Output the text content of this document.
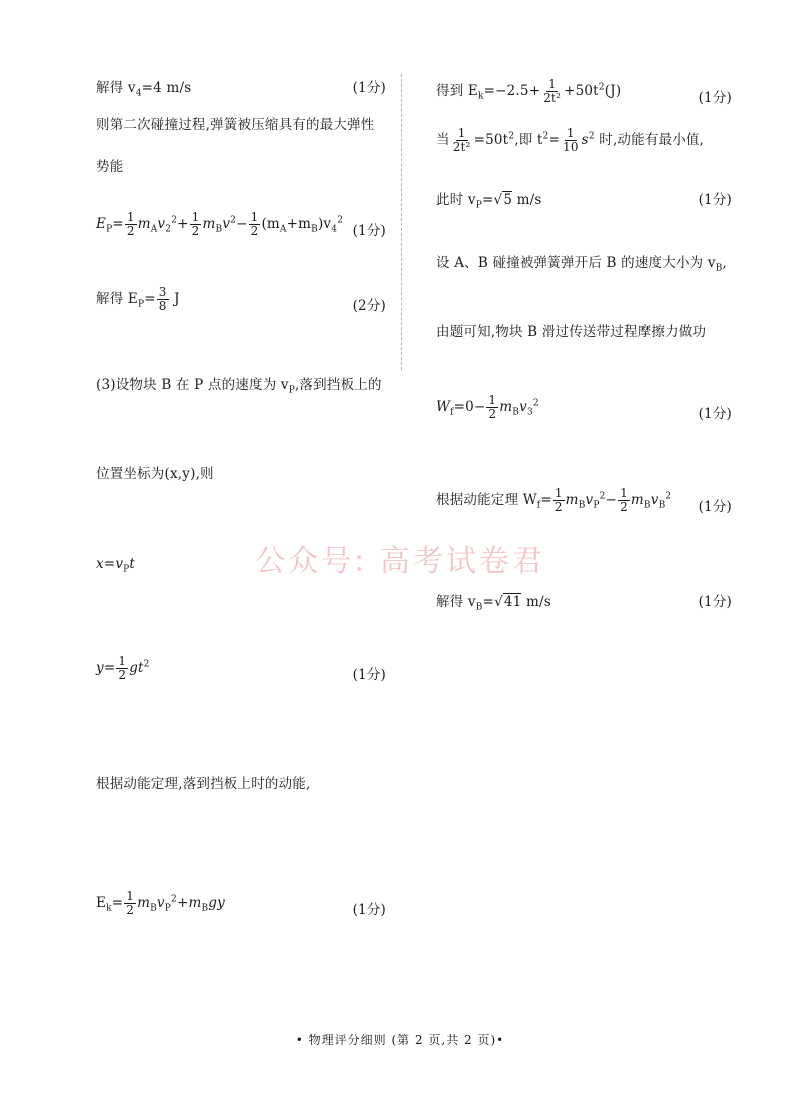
解得 $v_4=4$ m/s	(1分)
则第二次碰撞过程,弹簧被压缩具有的最大弹性
势能
$E_P= \frac{1}{2} m_Av_2^2+ \frac{1}{2} m_Bv^2- \frac{1}{2} (m_A+m_B)v_4^2$
(1分)
解得 $E_P= \frac{3}{8}$ J	(2分)
(3)设物块 B 在 P 点的速度为 $v_P$,落到挡板上的
位置坐标为(x,y),则
$x=v_Pt$
$y= \frac{1}{2} gt^2$
(1分)
根据动能定理,落到挡板上时的动能,
$E_k= \frac{1}{2} m_Bv_P^2+m_Bgy$	(1分)
得到 $E_k=-2.5+ \frac{1}{\text{2t²}} +50t^2(J)$	(1分)
当 $\frac{1}{\text{2t²}} =50t^2$,即 $t^2= \frac{1}{10} s^2$ 时,动能有最小值,
此时 $v_P=√5$ m/s	(1分)
设 A、B 碰撞被弹簧弹开后 B 的速度大小为 $v_B$,
由题可知,物块 B 滑过传送带过程摩擦力做功
$W_f=0- \frac{1}{2} m_Bv_3^2$
(1分)
根据动能定理 $W_f= \frac{1}{2} m_Bv_P^2- \frac{1}{2} m_Bv_B^2$
(1分)
解得 $v_B=√41$ m/s	(1分)
公众号: 高考试卷君
• 物理评分细则 (第 2 页,共 2 页)•
